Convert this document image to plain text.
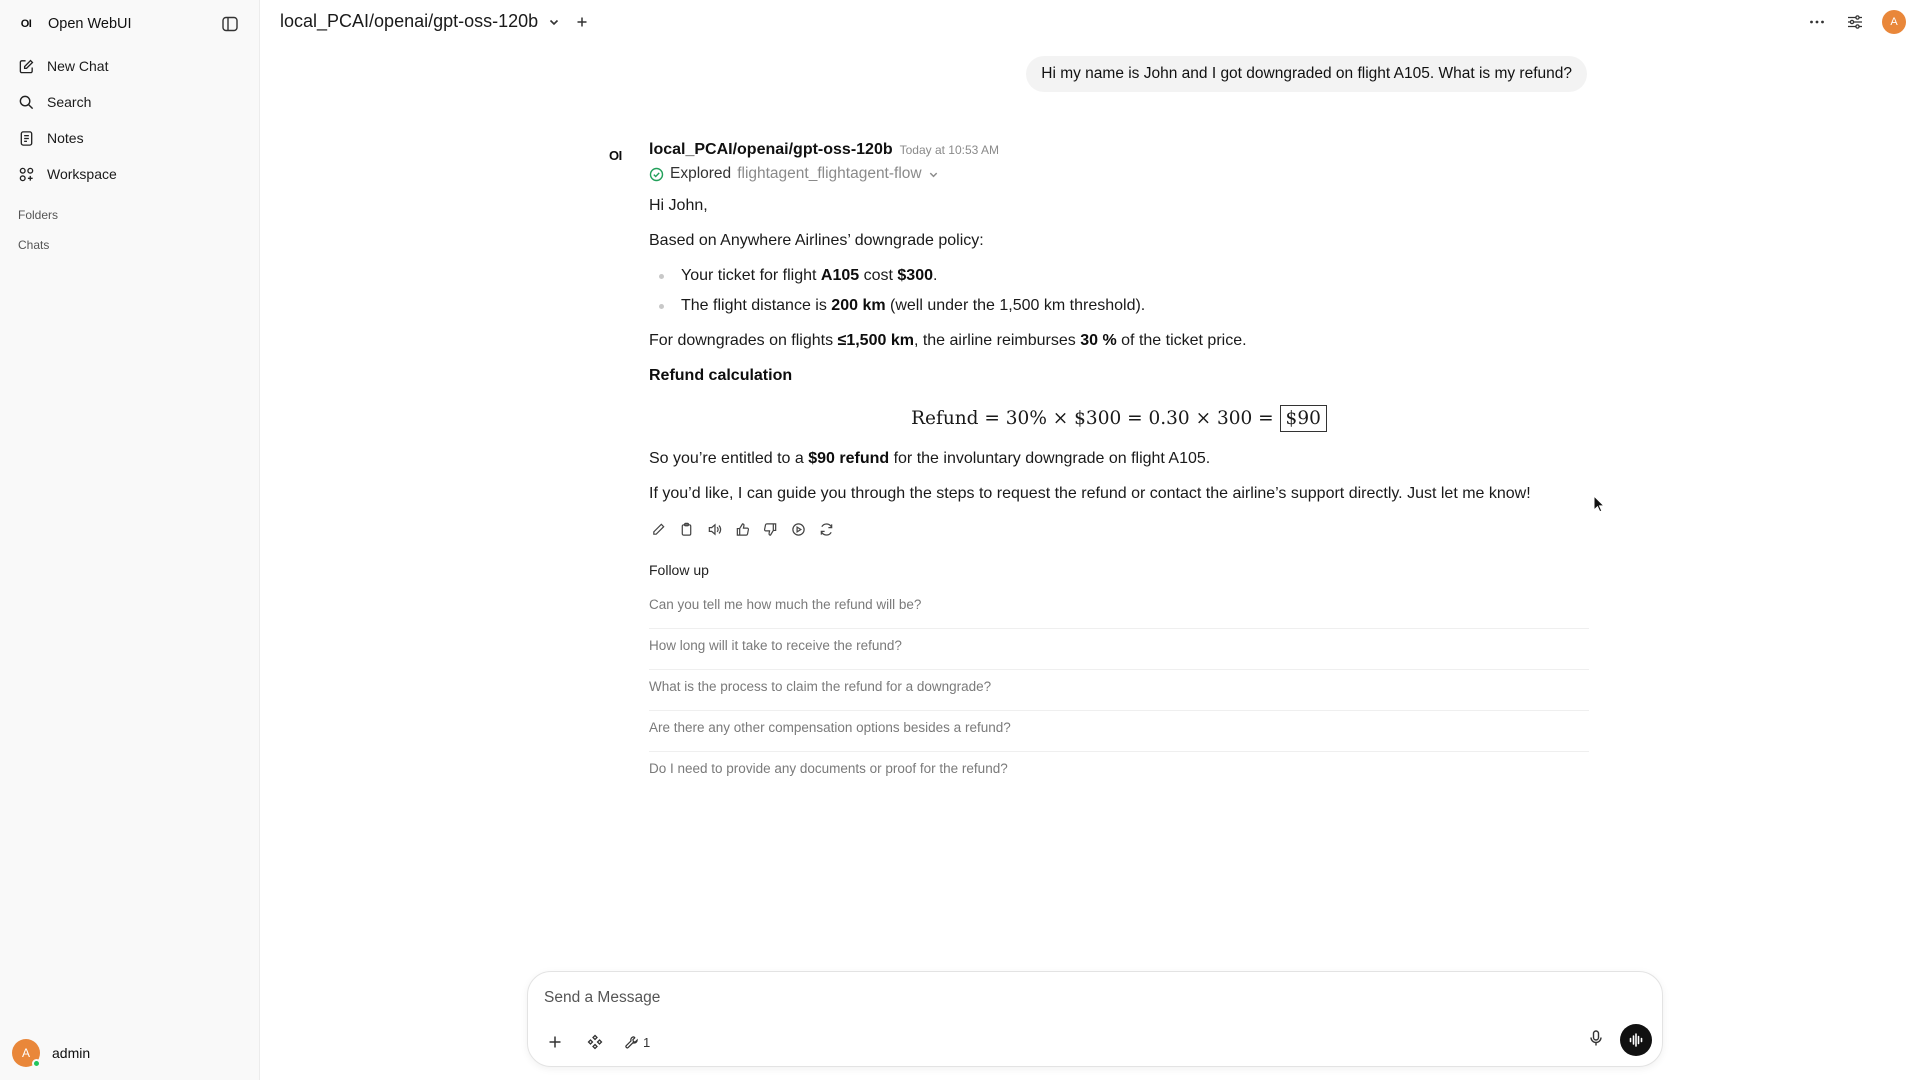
OI	Open WebUI
New Chat
Search
Notes
Workspace
Folders
Chats
A admin
local_PCAI/openai/gpt-oss-120b	A
Hi my name is John and I got downgraded on flight A105. What is my refund?
OI local_PCAI/openai/gpt-oss-120b Today at 10:53 AM
Explored flightagent_flightagent-flow
Hi John,
Based on Anywhere Airlines’ downgrade policy:
Your ticket for flight A105 cost $300.
The flight distance is 200 km (well under the 1,500 km threshold).
For downgrades on flights ≤1,500 km, the airline reimburses 30 % of the ticket price.
Refund calculation
Refund = 30% × $300 = 0.30 × 300 = $90
So you’re entitled to a $90 refund for the involuntary downgrade on flight A105.
If you’d like, I can guide you through the steps to request the refund or contact the airline’s support directly. Just let me know!
Follow up
Can you tell me how much the refund will be?
How long will it take to receive the refund?
What is the process to claim the refund for a downgrade?
Are there any other compensation options besides a refund?
Do I need to provide any documents or proof for the refund?
Send a Message
1
